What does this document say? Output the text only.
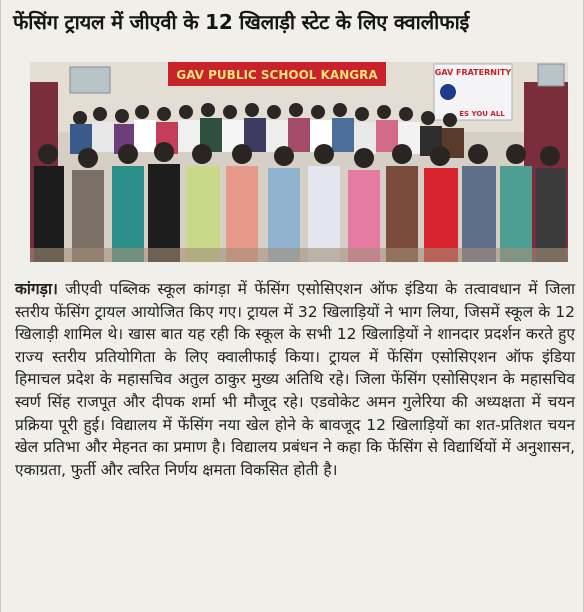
फेंसिंग ट्रायल में जीएवी के 12 खिलाड़ी स्टेट के लिए क्वालीफाई
GAV PUBLIC SCHOOL KANGRA	GAV FRATERNITY
ES YOU ALL

कांगड़ा। जीएवी पब्लिक स्कूल कांगड़ा में फेंसिंग एसोसिएशन ऑफ इंडिया के तत्वावधान में जिला स्तरीय फेंसिंग ट्रायल आयोजित किए गए। ट्रायल में 32 खिलाड़ियों ने भाग लिया, जिसमें स्कूल के 12 खिलाड़ी शामिल थे। खास बात यह रही कि स्कूल के सभी 12 खिलाड़ियों ने शानदार प्रदर्शन करते हुए राज्य स्तरीय प्रतियोगिता के लिए क्वालीफाई किया। ट्रायल में फेंसिंग एसोसिएशन ऑफ इंडिया हिमाचल प्रदेश के महासचिव अतुल ठाकुर मुख्य अतिथि रहे। जिला फेंसिंग एसोसिएशन के महासचिव स्वर्ण सिंह राजपूत और दीपक शर्मा भी मौजूद रहे। एडवोकेट अमन गुलेरिया की अध्यक्षता में चयन प्रक्रिया पूरी हुई। विद्यालय में फेंसिंग नया खेल होने के बावजूद 12 खिलाड़ियों का शत-प्रतिशत चयन खेल प्रतिभा और मेहनत का प्रमाण है। विद्यालय प्रबंधन ने कहा कि फेंसिंग से विद्यार्थियों में अनुशासन, एकाग्रता, फुर्ती और त्वरित निर्णय क्षमता विकसित होती है।
